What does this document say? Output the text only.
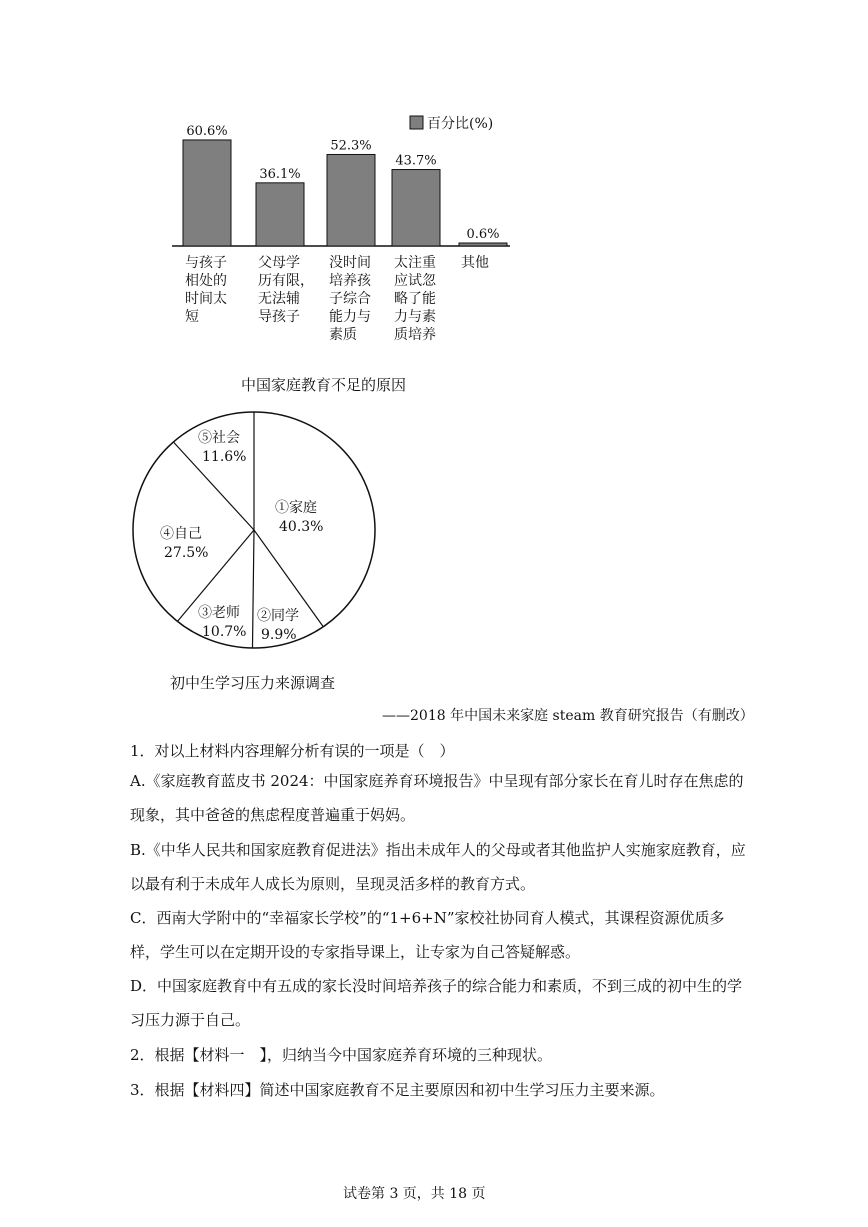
60.6%
与孩子
相处的
时间太
短
36.1%
父母学
历有限，
无法辅
导孩子
52.3%
没时间
培养孩
子综合
能力与
素质
43.7%
太注重
应试忽
略了能
力与素
质培养
0.6%
其他
百分比(%)
中国家庭教育不足的原因
①家庭
40.3%
②同学
9.9%
③老师
10.7%
④自己
27.5%
⑤社会
11.6%
初中生学习压力来源调查
——2018 年中国未来家庭 steam 教育研究报告（有删改）
1．对以上材料内容理解分析有误的一项是（　）
A.《家庭教育蓝皮书 2024：中国家庭养育环境报告》中呈现有部分家长在育儿时存在焦虑的现象，其中爸爸的焦虑程度普遍重于妈妈。
B.《中华人民共和国家庭教育促进法》指出未成年人的父母或者其他监护人实施家庭教育，应以最有利于未成年人成长为原则，呈现灵活多样的教育方式。
C．西南大学附中的“幸福家长学校”的“1+6+N”家校社协同育人模式，其课程资源优质多样，学生可以在定期开设的专家指导课上，让专家为自己答疑解惑。
D．中国家庭教育中有五成的家长没时间培养孩子的综合能力和素质，不到三成的初中生的学习压力源于自己。
2．根据【材料一　】，归纳当今中国家庭养育环境的三种现状。
3．根据【材料四】简述中国家庭教育不足主要原因和初中生学习压力主要来源。
试卷第 3 页，共 18 页
